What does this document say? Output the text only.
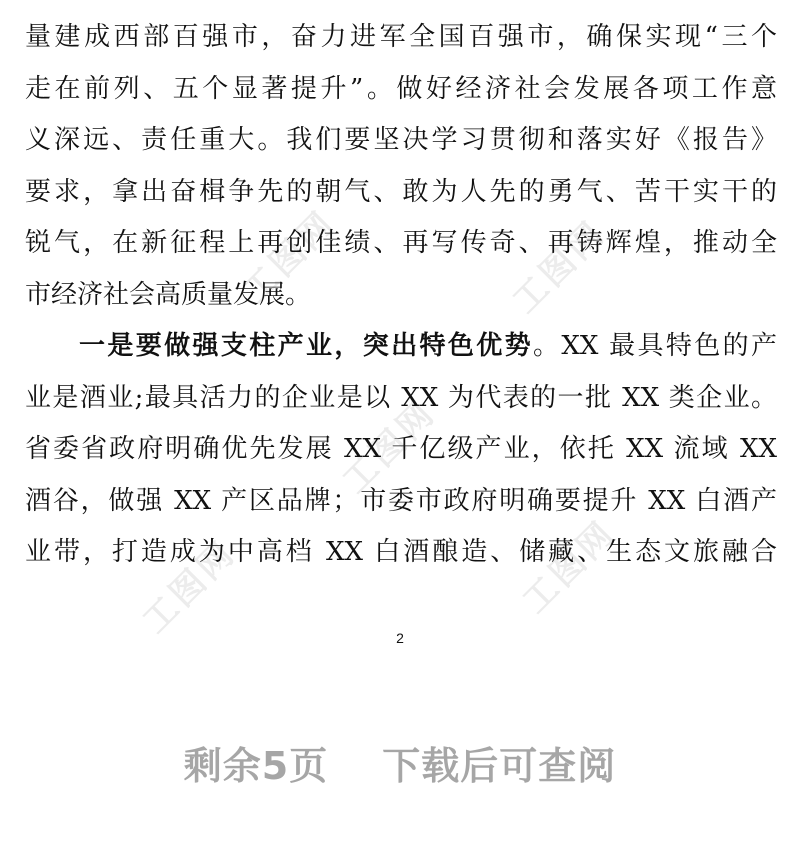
工图网	工图网
工图网
工图网	工图网
量建成西部百强市，奋力进军全国百强市，确保实现“三个
走在前列、五个显著提升”。做好经济社会发展各项工作意
义深远、责任重大。我们要坚决学习贯彻和落实好《报告》
要求，拿出奋楫争先的朝气、敢为人先的勇气、苦干实干的
锐气，在新征程上再创佳绩、再写传奇、再铸辉煌，推动全
市经济社会高质量发展。
一是要做强支柱产业，突出特色优势。XX 最具特色的产
业是酒业;最具活力的企业是以 XX 为代表的一批 XX 类企业。
省委省政府明确优先发展 XX 千亿级产业，依托 XX 流域 XX
酒谷，做强 XX 产区品牌；市委市政府明确要提升 XX 白酒产
业带，打造成为中高档 XX 白酒酿造、储藏、生态文旅融合
2
剩余5页 下载后可查阅
